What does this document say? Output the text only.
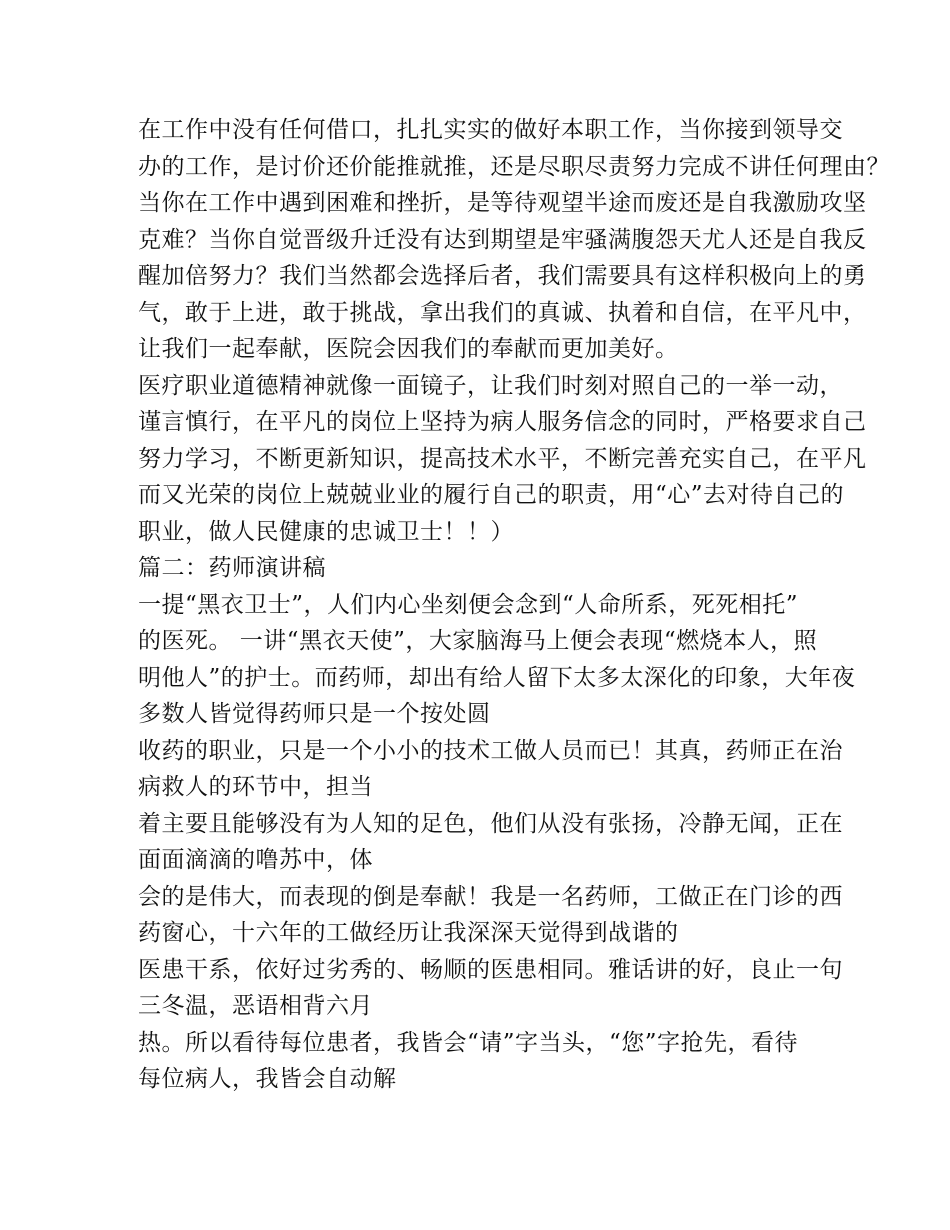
在工作中没有任何借口，扎扎实实的做好本职工作，当你接到领导交
办的工作，是讨价还价能推就推，还是尽职尽责努力完成不讲任何理由？
当你在工作中遇到困难和挫折，是等待观望半途而废还是自我激励攻坚
克难？当你自觉晋级升迁没有达到期望是牢骚满腹怨天尤人还是自我反
醒加倍努力？我们当然都会选择后者，我们需要具有这样积极向上的勇
气，敢于上进，敢于挑战，拿出我们的真诚、执着和自信，在平凡中，
让我们一起奉献，医院会因我们的奉献而更加美好。
医疗职业道德精神就像一面镜子，让我们时刻对照自己的一举一动，
谨言慎行，在平凡的岗位上坚持为病人服务信念的同时，严格要求自己
努力学习，不断更新知识，提高技术水平，不断完善充实自己，在平凡
而又光荣的岗位上兢兢业业的履行自己的职责，用“心”去对待自己的
职业，做人民健康的忠诚卫士！！）
篇二：药师演讲稿
一提“黑衣卫士”，人们内心坐刻便会念到“人命所系，死死相托”
的医死。 一讲“黑衣天使”，大家脑海马上便会表现“燃烧本人，照
明他人”的护士。而药师，却出有给人留下太多太深化的印象，大年夜
多数人皆觉得药师只是一个按处圆
收药的职业，只是一个小小的技术工做人员而已！其真，药师正在治
病救人的环节中，担当
着主要且能够没有为人知的足色，他们从没有张扬，冷静无闻，正在
面面滴滴的噜苏中，体
会的是伟大，而表现的倒是奉献！我是一名药师，工做正在门诊的西
药窗心，十六年的工做经历让我深深天觉得到战谐的
医患干系，依好过劣秀的、畅顺的医患相同。雅话讲的好，良止一句
三冬温，恶语相背六月
热。所以看待每位患者，我皆会“请”字当头，“您”字抢先，看待
每位病人，我皆会自动解
